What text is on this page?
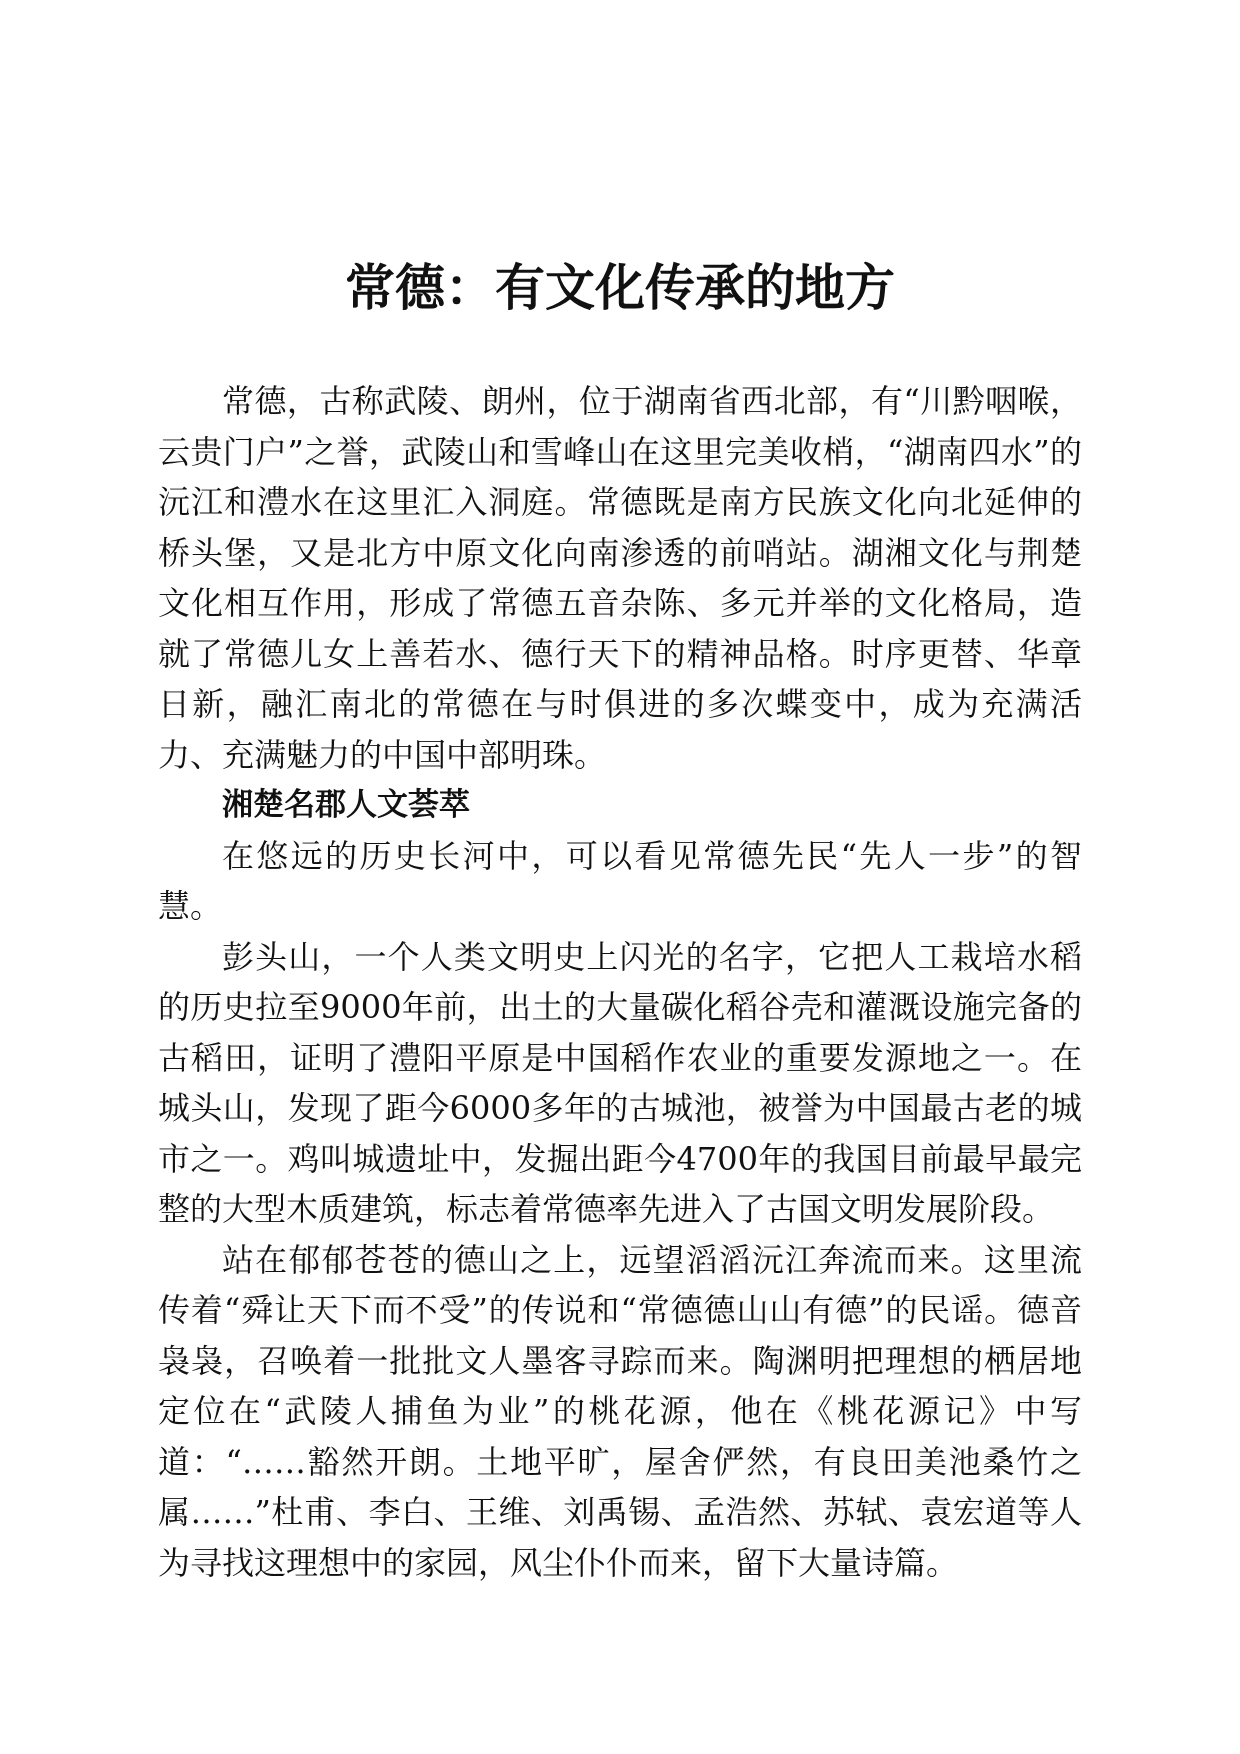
常德：有文化传承的地方

常德，古称武陵、朗州，位于湖南省西北部，有“川黔咽喉，云贵门户”之誉，武陵山和雪峰山在这里完美收梢，“湖南四水”的沅江和澧水在这里汇入洞庭。常德既是南方民族文化向北延伸的桥头堡，又是北方中原文化向南渗透的前哨站。湖湘文化与荆楚文化相互作用，形成了常德五音杂陈、多元并举的文化格局，造就了常德儿女上善若水、德行天下的精神品格。时序更替、华章日新，融汇南北的常德在与时俱进的多次蝶变中，成为充满活力、充满魅力的中国中部明珠。

湘楚名郡人文荟萃

在悠远的历史长河中，可以看见常德先民“先人一步”的智慧。

彭头山，一个人类文明史上闪光的名字，它把人工栽培水稻的历史拉至9000年前，出土的大量碳化稻谷壳和灌溉设施完备的古稻田，证明了澧阳平原是中国稻作农业的重要发源地之一。在城头山，发现了距今6000多年的古城池，被誉为中国最古老的城市之一。鸡叫城遗址中，发掘出距今4700年的我国目前最早最完整的大型木质建筑，标志着常德率先进入了古国文明发展阶段。

站在郁郁苍苍的德山之上，远望滔滔沅江奔流而来。这里流传着“舜让天下而不受”的传说和“常德德山山有德”的民谣。德音袅袅，召唤着一批批文人墨客寻踪而来。陶渊明把理想的栖居地定位在“武陵人捕鱼为业”的桃花源，他在《桃花源记》中写道：“……豁然开朗。土地平旷，屋舍俨然，有良田美池桑竹之属……”杜甫、李白、王维、刘禹锡、孟浩然、苏轼、袁宏道等人为寻找这理想中的家园，风尘仆仆而来，留下大量诗篇。
